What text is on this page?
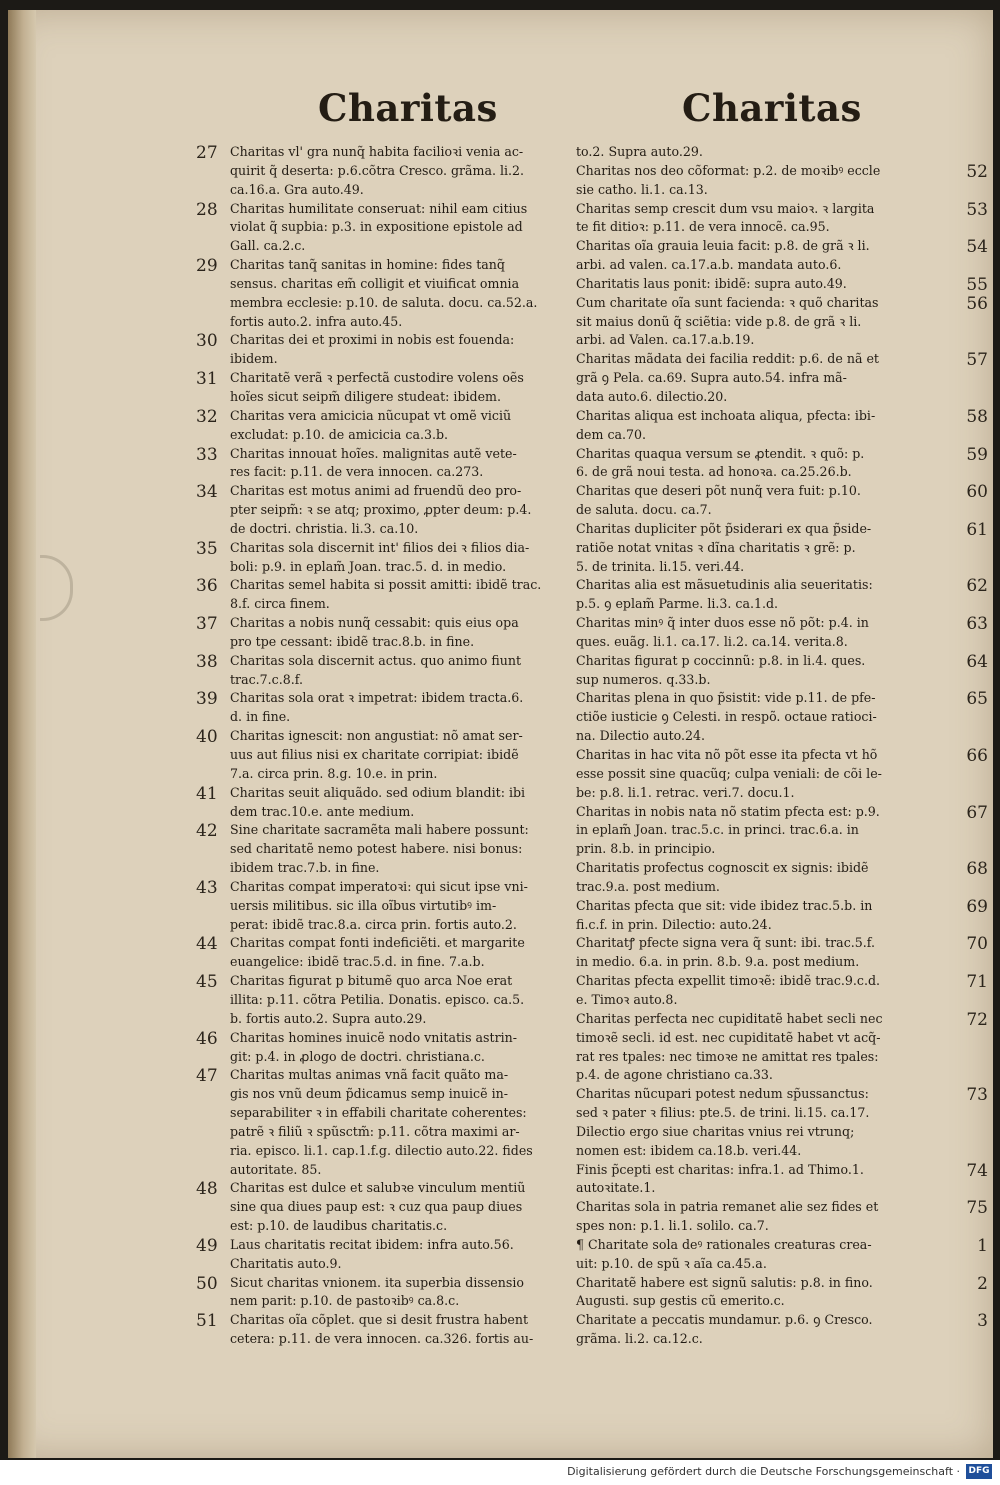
Charitas	Charitas
27 Charitas vl' gra nunq̃ habita facilioꝛi venia ac-
quirit q̃ deserta: p.6.cõtra Cresco. grãma. li.2.
ca.16.a. Gra auto.49.
28 Charitas humilitate conseruat: nihil eam citius
violat q̃ supbia: p.3. in expositione epistole ad
Gall. ca.2.c.
29 Charitas tanq̃ sanitas in homine: fides tanq̃
sensus. charitas em̃ colligit et viuificat omnia
membra ecclesie: p.10. de saluta. docu. ca.52.a.
fortis auto.2. infra auto.45.
30 Charitas dei et proximi in nobis est fouenda:
ibidem.
31 Charitatẽ verã ꝛ perfectã custodire volens oẽs
hoĩes sicut seipm̃ diligere studeat: ibidem.
32 Charitas vera amicicia nũcupat vt omẽ viciũ
excludat: p.10. de amicicia ca.3.b.
33 Charitas innouat hoĩes. malignitas autẽ vete-
res facit: p.11. de vera innocen. ca.273.
34 Charitas est motus animi ad fruendũ deo pro-
pter seipm̃: ꝛ se atq; proximo, ꝓpter deum: p.4.
de doctri. christia. li.3. ca.10.
35 Charitas sola discernit int' filios dei ꝛ filios dia-
boli: p.9. in eplam̃ Joan. trac.5. d. in medio.
36 Charitas semel habita si possit amitti: ibidẽ trac.
8.f. circa finem.
37 Charitas a nobis nunq̃ cessabit: quis eius opa
pro tpe cessant: ibidẽ trac.8.b. in fine.
38 Charitas sola discernit actus. quo animo fiunt
trac.7.c.8.f.
39 Charitas sola orat ꝛ impetrat: ibidem tracta.6.
d. in fine.
40 Charitas ignescit: non angustiat: nõ amat ser-
uus aut filius nisi ex charitate corripiat: ibidẽ
7.a. circa prin. 8.g. 10.e. in prin.
41 Charitas seuit aliquãdo. sed odium blandit: ibi
dem trac.10.e. ante medium.
42 Sine charitate sacramẽta mali habere possunt:
sed charitatẽ nemo potest habere. nisi bonus:
ibidem trac.7.b. in fine.
43 Charitas compat imperatoꝛi: qui sicut ipse vni-
uersis militibus. sic illa oĩbus virtutibꝰ im-
perat: ibidẽ trac.8.a. circa prin. fortis auto.2.
44 Charitas compat fonti indeficiẽti. et margarite
euangelice: ibidẽ trac.5.d. in fine. 7.a.b.
45 Charitas figurat p bitumẽ quo arca Noe erat
illita: p.11. cõtra Petilia. Donatis. episco. ca.5.
b. fortis auto.2. Supra auto.29.
46 Charitas homines inuicẽ nodo vnitatis astrin-
git: p.4. in ꝓlogo de doctri. christiana.c.
47 Charitas multas animas vnã facit quãto ma-
gis nos vnũ deum p̃dicamus semp inuicẽ in-
separabiliter ꝛ in effabili charitate coherentes:
patrẽ ꝛ filiũ ꝛ spũsctm̃: p.11. cõtra maximi ar-
ria. episco. li.1. cap.1.f.g. dilectio auto.22. fides
autoritate. 85.
48 Charitas est dulce et salubꝛe vinculum mentiũ
sine qua diues paup est: ꝛ cuz qua paup diues
est: p.10. de laudibus charitatis.c.
49 Laus charitatis recitat ibidem: infra auto.56.
Charitatis auto.9.
50 Sicut charitas vnionem. ita superbia dissensio
nem parit: p.10. de pastoꝛibꝰ ca.8.c.
51 Charitas oĩa cõplet. que si desit frustra habent
cetera: p.11. de vera innocen. ca.326. fortis au-
to.2. Supra auto.29.
52
Charitas nos deo cõformat: p.2. de moꝛibꝰ eccle
sie catho. li.1. ca.13.
53
Charitas semp crescit dum vsu maioꝛ. ꝛ largita
te fit ditioꝛ: p.11. de vera innocẽ. ca.95.
54
Charitas oĩa grauia leuia facit: p.8. de grã ꝛ li.
arbi. ad valen. ca.17.a.b. mandata auto.6.
55
Charitatis laus ponit: ibidẽ: supra auto.49.
56
Cum charitate oĩa sunt facienda: ꝛ quõ charitas
sit maius donũ q̃ sciẽtia: vide p.8. de grã ꝛ li.
arbi. ad Valen. ca.17.a.b.19.
57
Charitas mãdata dei facilia reddit: p.6. de nã et
grã ꝯ Pela. ca.69. Supra auto.54. infra mã-
data auto.6. dilectio.20.
58
Charitas aliqua est inchoata aliqua, pfecta: ibi-
dem ca.70.
59
Charitas quaqua versum se ꝓtendit. ꝛ quõ: p.
6. de grã noui testa. ad honoꝛa. ca.25.26.b.
60
Charitas que deseri põt nunq̃ vera fuit: p.10.
de saluta. docu. ca.7.
61
Charitas dupliciter põt p̃siderari ex qua p̃side-
ratiõe notat vnitas ꝛ dĩna charitatis ꝛ grẽ: p.
5. de trinita. li.15. veri.44.
62
Charitas alia est mãsuetudinis alia seueritatis:
p.5. ꝯ eplam̃ Parme. li.3. ca.1.d.
63
Charitas minꝰ q̃ inter duos esse nõ põt: p.4. in
ques. euãg. li.1. ca.17. li.2. ca.14. verita.8.
64
Charitas figurat p coccinnũ: p.8. in li.4. ques.
sup numeros. q.33.b.
65
Charitas plena in quo p̃sistit: vide p.11. de pfe-
ctiõe iusticie ꝯ Celesti. in respõ. octaue ratioci-
na. Dilectio auto.24.
66
Charitas in hac vita nõ põt esse ita pfecta vt hõ
esse possit sine quacũq; culpa veniali: de cõi le-
be: p.8. li.1. retrac. veri.7. docu.1.
67
Charitas in nobis nata nõ statim pfecta est: p.9.
in eplam̃ Joan. trac.5.c. in princi. trac.6.a. in
prin. 8.b. in principio.
68
Charitatis profectus cognoscit ex signis: ibidẽ
trac.9.a. post medium.
69
Charitas pfecta que sit: vide ibidez trac.5.b. in
fi.c.f. in prin. Dilectio: auto.24.
70
Charitatꝭ pfecte signa vera q̃ sunt: ibi. trac.5.f.
in medio. 6.a. in prin. 8.b. 9.a. post medium.
71
Charitas pfecta expellit timoꝛẽ: ibidẽ trac.9.c.d.
e. Timoꝛ auto.8.
72
Charitas perfecta nec cupiditatẽ habet secli nec
timoꝛẽ secli. id est. nec cupiditatẽ habet vt acq̃-
rat res tpales: nec timoꝛe ne amittat res tpales:
p.4. de agone christiano ca.33.
73
Charitas nũcupari potest nedum sp̃ussanctus:
sed ꝛ pater ꝛ filius: pte.5. de trini. li.15. ca.17.
Dilectio ergo siue charitas vnius rei vtrunq;
nomen est: ibidem ca.18.b. veri.44.
74
Finis p̃cepti est charitas: infra.1. ad Thimo.1.
autoꝛitate.1.
75
Charitas sola in patria remanet alie sez fides et
spes non: p.1. li.1. solilo. ca.7.
1
¶ Charitate sola deꝰ rationales creaturas crea-
uit: p.10. de spũ ꝛ aĩa ca.45.a.
2
Charitatẽ habere est signũ salutis: p.8. in fino.
Augusti. sup gestis cũ emerito.c.
3
Charitate a peccatis mundamur. p.6. ꝯ Cresco.
grãma. li.2. ca.12.c.
Digitalisierung gefördert durch die Deutsche Forschungsgemeinschaft · DFG
